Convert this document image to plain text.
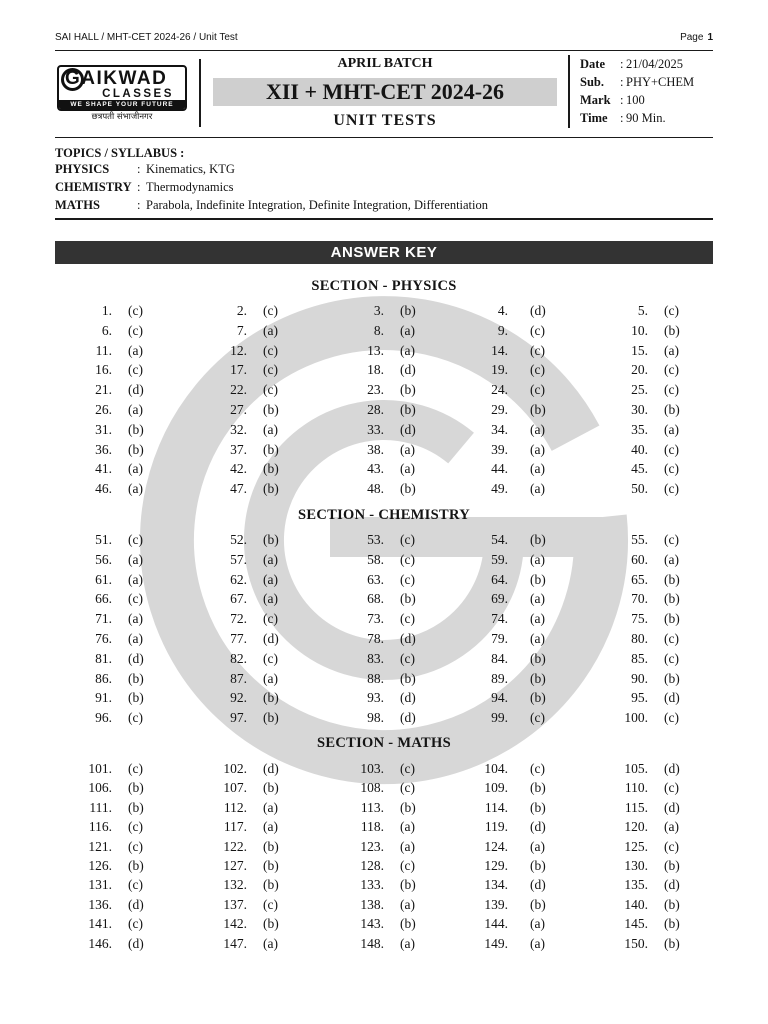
SAI HALL / MHT-CET 2024-26 / Unit Test	Page 1
GAIKWAD
CLASSES
WE SHAPE YOUR FUTURE
छत्रपती संभाजीनगर
APRIL BATCH
XII + MHT-CET 2024-26
UNIT TESTS
Date	: 21/04/2025
Sub.	: PHY+CHEM
Mark : 100
Time : 90 Min.
TOPICS / SYLLABUS :
PHYSICS	: Kinematics, KTG
CHEMISTRY : Thermodynamics
MATHS	: Parabola, Indefinite Integration, Definite Integration, Differentiation
ANSWER KEY
SECTION - PHYSICS
1.	(c)	2.	(c)	3.	(b)	4.	(d)	5.	(c)
6.	(c)	7.	(a)	8.	(a)	9.	(c)	10.	(b)
11.	(a)	12.	(c)	13.	(a)	14.	(c)	15.	(a)
16.	(c)	17.	(c)	18.	(d)	19.	(c)	20.	(c)
21.	(d)	22.	(c)	23.	(b)	24.	(c)	25.	(c)
26.	(a)	27.	(b)	28.	(b)	29.	(b)	30.	(b)
31.	(b)	32.	(a)	33.	(d)	34.	(a)	35.	(a)
36.	(b)	37.	(b)	38.	(a)	39.	(a)	40.	(c)
41.	(a)	42.	(b)	43.	(a)	44.	(a)	45.	(c)
46.	(a)	47.	(b)	48.	(b)	49.	(a)	50.	(c)
SECTION - CHEMISTRY
51.	(c)	52.	(b)	53.	(c)	54.	(b)	55.	(c)
56.	(a)	57.	(a)	58.	(c)	59.	(a)	60.	(a)
61.	(a)	62.	(a)	63.	(c)	64.	(b)	65.	(b)
66.	(c)	67.	(a)	68.	(b)	69.	(a)	70.	(b)
71.	(a)	72.	(c)	73.	(c)	74.	(a)	75.	(b)
76.	(a)	77.	(d)	78.	(d)	79.	(a)	80.	(c)
81.	(d)	82.	(c)	83.	(c)	84.	(b)	85.	(c)
86.	(b)	87.	(a)	88.	(b)	89.	(b)	90.	(b)
91.	(b)	92.	(b)	93.	(d)	94.	(b)	95.	(d)
96.	(c)	97.	(b)	98.	(d)	99.	(c)	100.	(c)
SECTION - MATHS
101.	(c)	102.	(d)	103.	(c)	104.	(c)	105.	(d)
106.	(b)	107.	(b)	108.	(c)	109.	(b)	110.	(c)
111.	(b)	112.	(a)	113.	(b)	114.	(b)	115.	(d)
116.	(c)	117.	(a)	118.	(a)	119.	(d)	120.	(a)
121.	(c)	122.	(b)	123.	(a)	124.	(a)	125.	(c)
126.	(b)	127.	(b)	128.	(c)	129.	(b)	130.	(b)
131.	(c)	132.	(b)	133.	(b)	134.	(d)	135.	(d)
136.	(d)	137.	(c)	138.	(a)	139.	(b)	140.	(b)
141.	(c)	142.	(b)	143.	(b)	144.	(a)	145.	(b)
146.	(d)	147.	(a)	148.	(a)	149.	(a)	150.	(b)
